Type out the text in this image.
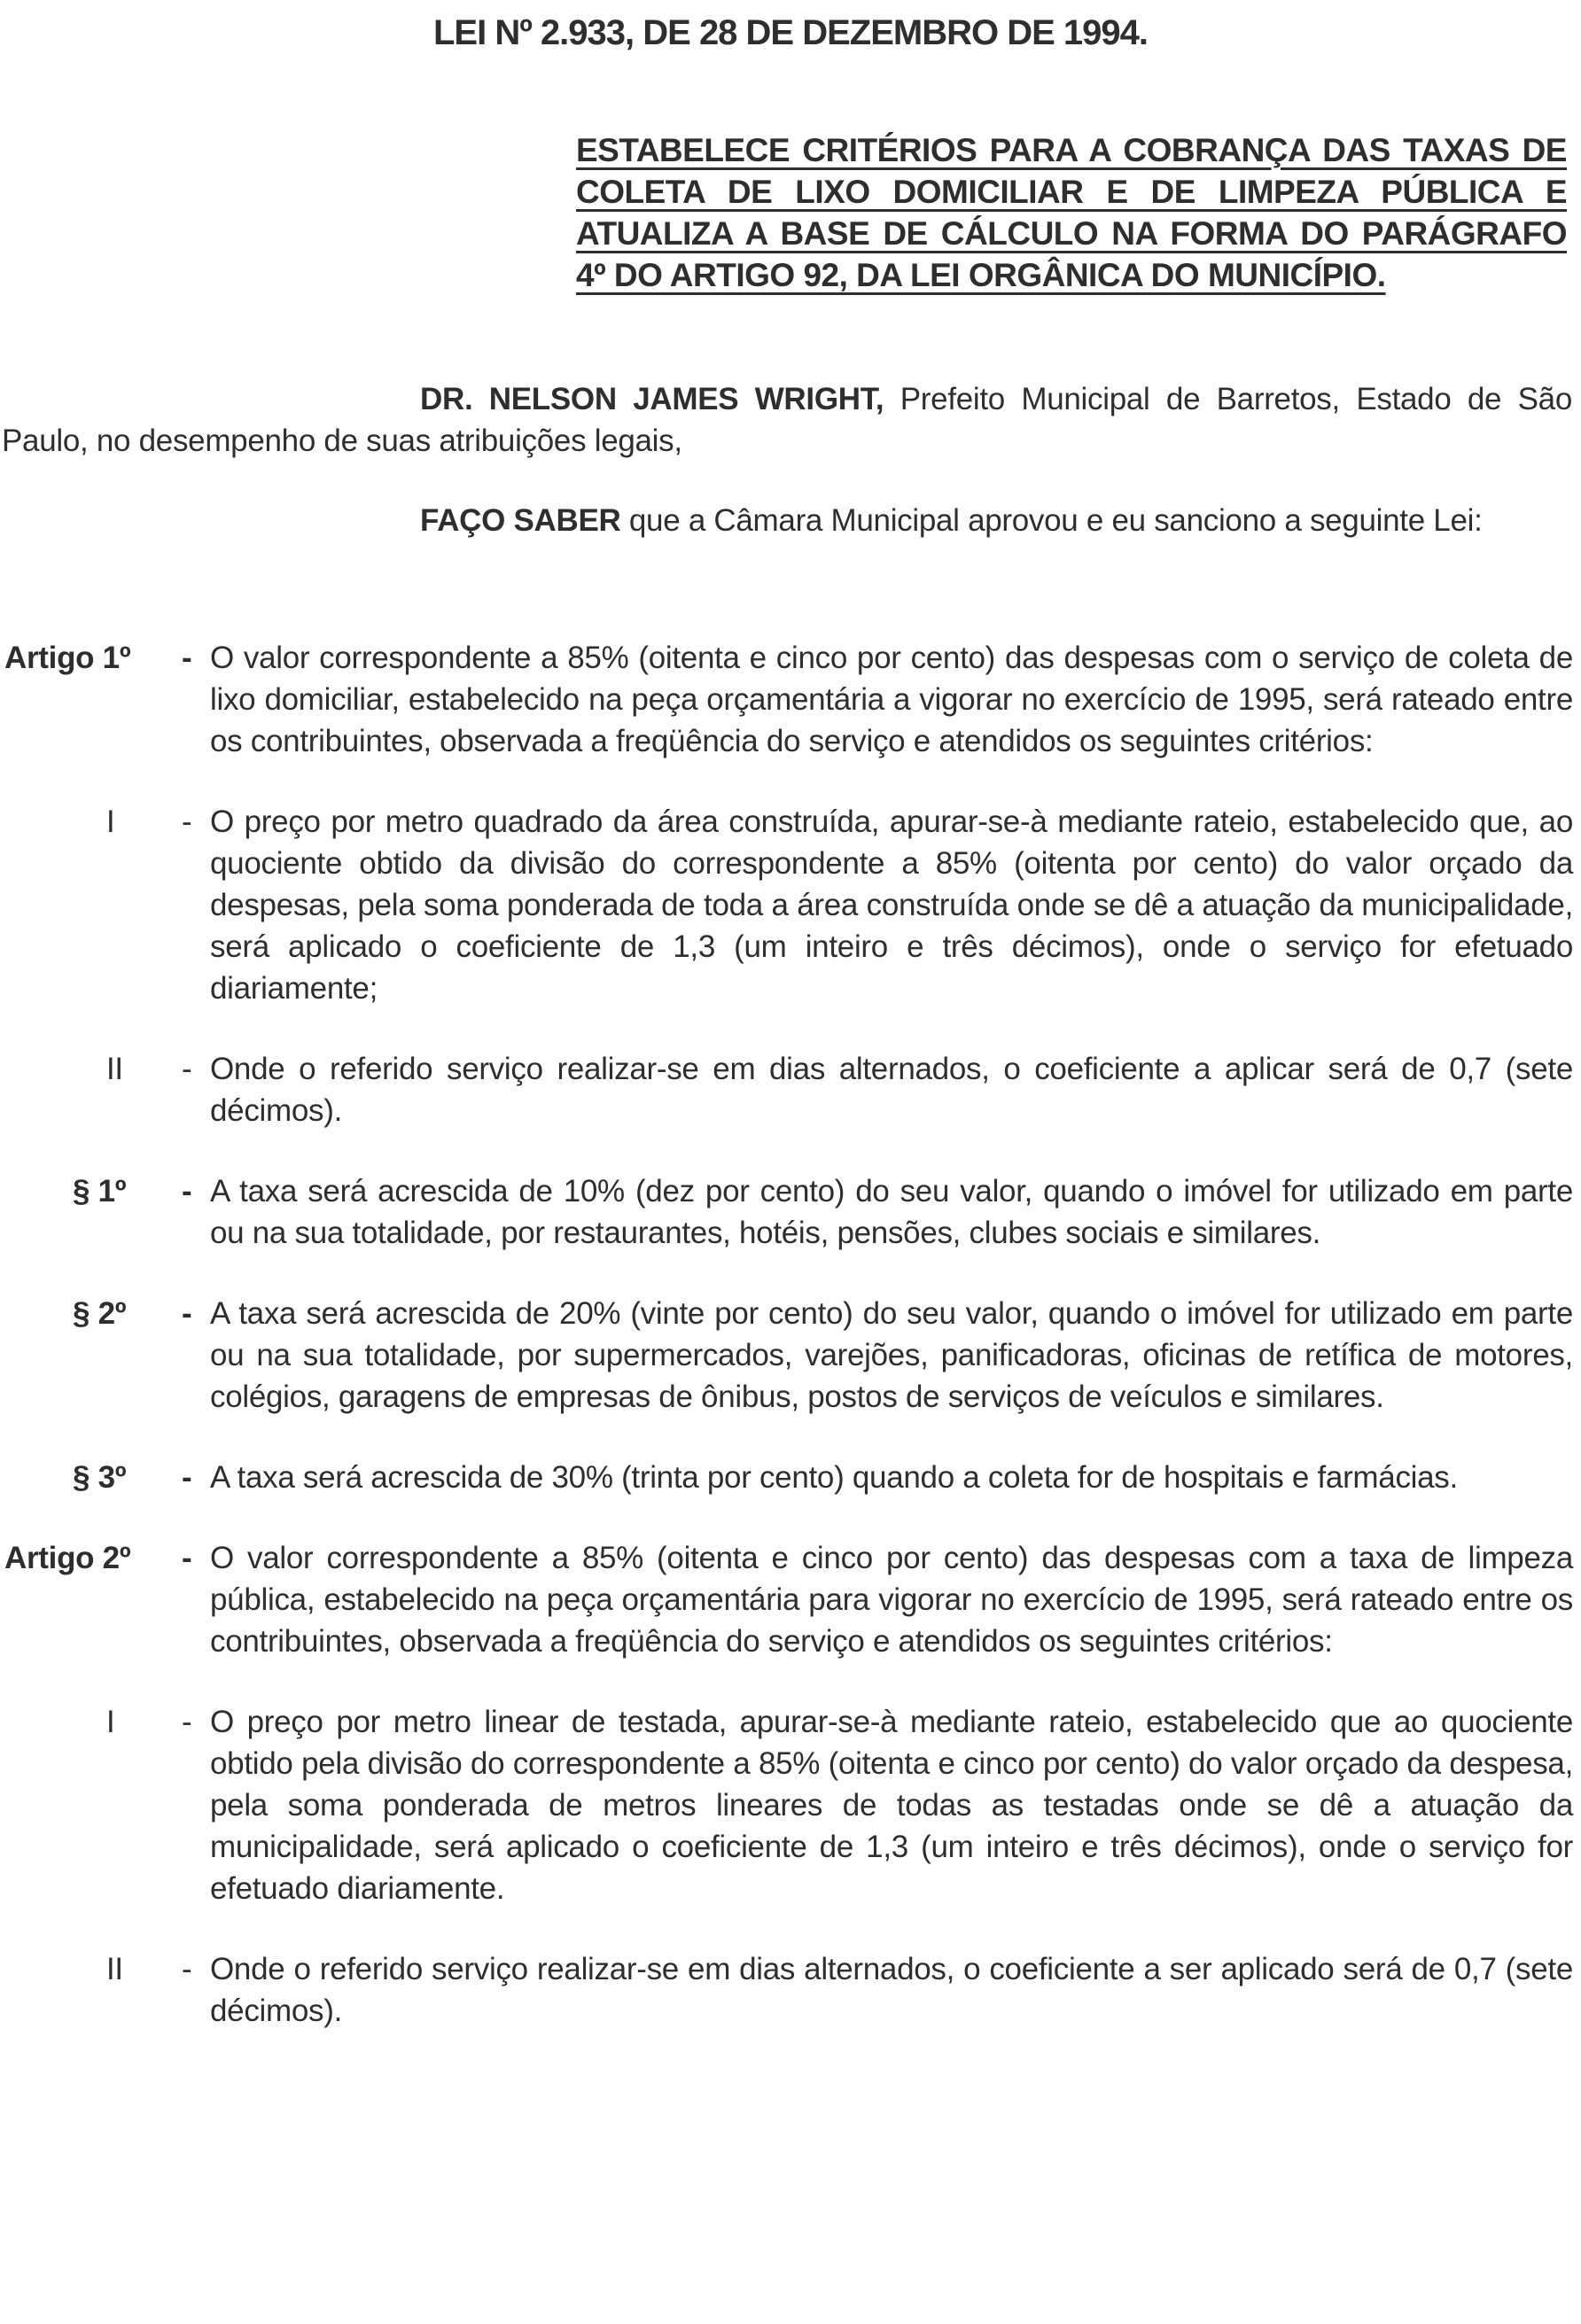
LEI Nº 2.933, DE 28 DE DEZEMBRO DE 1994.
ESTABELECE CRITÉRIOS PARA A COBRANÇA DAS TAXAS DE COLETA DE LIXO DOMICILIAR E DE LIMPEZA PÚBLICA E ATUALIZA A BASE DE CÁLCULO NA FORMA DO PARÁGRAFO 4º DO ARTIGO 92, DA LEI ORGÂNICA DO MUNICÍPIO.

DR. NELSON JAMES WRIGHT, Prefeito Municipal de Barretos, Estado de São Paulo, no desempenho de suas atribuições legais,

FAÇO SABER que a Câmara Municipal aprovou e eu sanciono a seguinte Lei:

Artigo 1º	- O valor correspondente a 85% (oitenta e cinco por cento) das despesas com o serviço de coleta de lixo domiciliar, estabelecido na peça orçamentária a vigorar no exercício de 1995, será rateado entre os contribuintes, observada a freqüência do serviço e atendidos os seguintes critérios:

I	- O preço por metro quadrado da área construída, apurar-se-à mediante rateio, estabelecido que, ao quociente obtido da divisão do correspondente a 85% (oitenta por cento) do valor orçado da despesas, pela soma ponderada de toda a área construída onde se dê a atuação da municipalidade, será aplicado o coeficiente de 1,3 (um inteiro e três décimos), onde o serviço for efetuado diariamente;

II	- Onde o referido serviço realizar-se em dias alternados, o coeficiente a aplicar será de 0,7 (sete décimos).

§ 1º	- A taxa será acrescida de 10% (dez por cento) do seu valor, quando o imóvel for utilizado em parte ou na sua totalidade, por restaurantes, hotéis, pensões, clubes sociais e similares.

§ 2º	- A taxa será acrescida de 20% (vinte por cento) do seu valor, quando o imóvel for utilizado em parte ou na sua totalidade, por supermercados, varejões, panificadoras, oficinas de retífica de motores, colégios, garagens de empresas de ônibus, postos de serviços de veículos e similares.

§ 3º	- A taxa será acrescida de 30% (trinta por cento) quando a coleta for de hospitais e farmácias.

Artigo 2º	- O valor correspondente a 85% (oitenta e cinco por cento) das despesas com a taxa de limpeza pública, estabelecido na peça orçamentária para vigorar no exercício de 1995, será rateado entre os contribuintes, observada a freqüência do serviço e atendidos os seguintes critérios:

I	- O preço por metro linear de testada, apurar-se-à mediante rateio, estabelecido que ao quociente obtido pela divisão do correspondente a 85% (oitenta e cinco por cento) do valor orçado da despesa, pela soma ponderada de metros lineares de todas as testadas onde se dê a atuação da municipalidade, será aplicado o coeficiente de 1,3 (um inteiro e três décimos), onde o serviço for efetuado diariamente.

II	- Onde o referido serviço realizar-se em dias alternados, o coeficiente a ser aplicado será de 0,7 (sete décimos).
